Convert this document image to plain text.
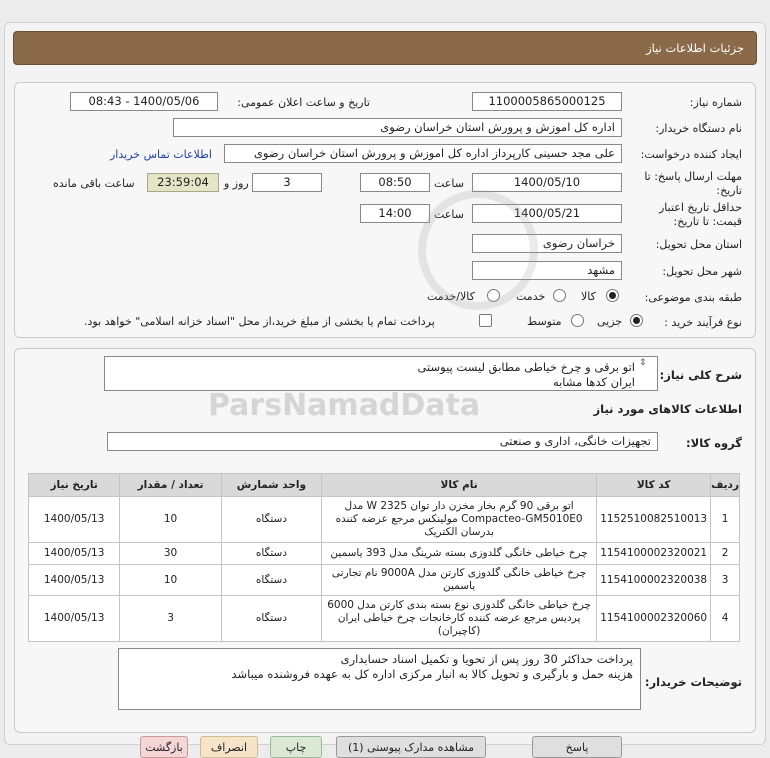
جزئیات اطلاعات نیاز
شماره نیاز:
1100005865000125
تاریخ و ساعت اعلان عمومی:
1400/05/06 - 08:43
نام دستگاه خریدار:
اداره کل اموزش و پرورش استان خراسان رضوی
ایجاد کننده درخواست:
علی مجد حسینی کارپرداز اداره کل اموزش و پرورش استان خراسان رضوی
اطلاعات تماس خریدار
مهلت ارسال پاسخ: تا تاریخ:
1400/05/10
ساعت
08:50
3
روز و
23:59:04
ساعت باقی مانده
حداقل تاریخ اعتبار قیمت: تا تاریخ:
1400/05/21
ساعت
14:00
استان محل تحویل:
خراسان رضوی
شهر محل تحویل:
مشهد
طبقه بندی موضوعی:
کالا
خدمت
کالا/خدمت
نوع فرآیند خرید :
جزیی
متوسط
پرداخت تمام یا بخشی از مبلغ خرید،از محل "اسناد خزانه اسلامی" خواهد بود.
شرح کلی نیاز:
اتو برقی و چرخ خیاطی مطابق لیست پیوستی
ایران کدها مشابه
⇕
اطلاعات کالاهای مورد نیاز
گروه کالا:
تجهیزات خانگی، اداری و صنعتی
ردیف	کد کالا	نام کالا	واحد شمارش	تعداد / مقدار	تاریخ نیاز
1	1152510082510013	اتو برقی 90 گرم بخار مخزن دار توان 2325 W مدل Compacteo-GM5010E0 مولینکس مرجع عرضه کننده بدرسان الکتریک	دستگاه	10	1400/05/13
2	1154100002320021	چرخ خیاطی خانگی گلدوزی بسته شرینگ مدل 393 یاسمین	دستگاه	30	1400/05/13
3	1154100002320038	چرخ خیاطی خانگی گلدوزی کارتن مدل 9000A نام تجارتی یاسمین	دستگاه	10	1400/05/13
4	1154100002320060	چرخ خیاطی خانگی گلدوزی نوع بسته بندی کارتن مدل 6000 پردیس مرجع عرضه کننده کارخانجات چرخ خیاطی ایران (کاچیران)	دستگاه	3	1400/05/13
توضیحات خریدار:
پرداخت حداکثر 30 روز پس از تحویا و تکمیل اسناد حسابداری
هزینه حمل و بارگیری و تحویل کالا به انبار مرکزی اداره کل به عهده فروشنده میباشد
ParsNamadData
بازگشت	مشاهده مدارک پیوستی (1)
چاپ
انصراف	پاسخ
